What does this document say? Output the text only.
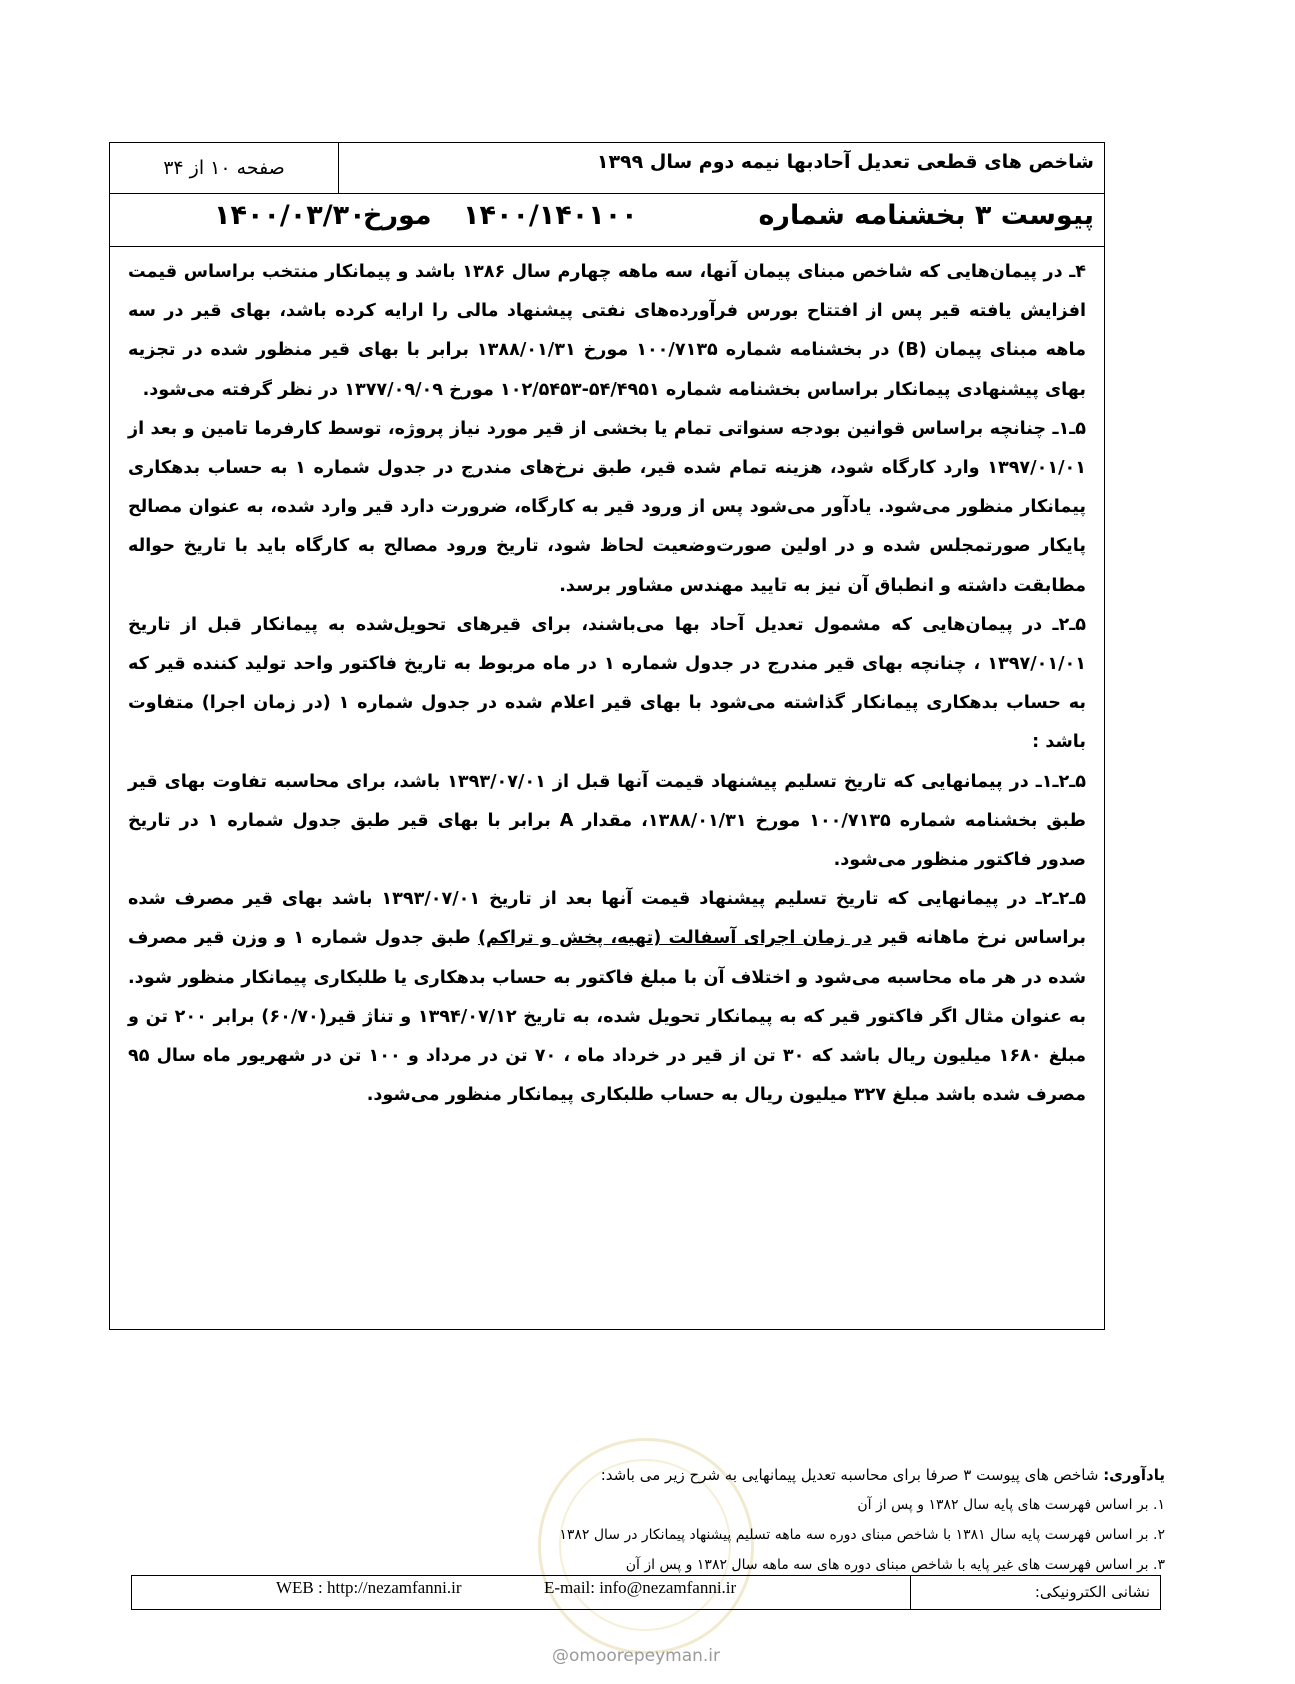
شاخص های قطعی تعدیل آحادبها نیمه دوم سال ۱۳۹۹
صفحه ۱۰ از ۳۴
پیوست ۳ بخشنامه شماره
۱۴۰۰/۱۴۰۱۰۰
مورخ
۱۴۰۰/۰۳/۳۰

۴ـ در پیمان‌هایی که شاخص مبنای پیمان آنها، سه ماهه چهارم سال ۱۳۸۶ باشد و پیمانکار منتخب براساس قیمت افزایش یافته قیر پس از افتتاح بورس فرآورده‌های نفتی پیشنهاد مالی را ارایه کرده باشد، بهای قیر در سه ماهه مبنای پیمان (B) در بخشنامه شماره ۱۰۰/۷۱۳۵ مورخ ۱۳۸۸/۰۱/۳۱ برابر با بهای قیر منظور شده در تجزیه بهای پیشنهادی پیمانکار براساس بخشنامه شماره ۵۴/۴۹۵۱-۱۰۲/۵۴۵۳ مورخ ۱۳۷۷/۰۹/۰۹ در نظر گرفته می‌شود.

۵ـ۱ـ چنانچه براساس قوانین بودجه سنواتی تمام یا بخشی از قیر مورد نیاز پروژه، توسط کارفرما تامین و بعد از ۱۳۹۷/۰۱/۰۱ وارد کارگاه شود، هزینه تمام شده قیر، طبق نرخ‌های مندرج در جدول شماره ۱ به حساب بدهکاری پیمانکار منظور می‌شود. یادآور می‌شود پس از ورود قیر به کارگاه، ضرورت دارد قیر وارد شده، به عنوان مصالح پایکار صورتمجلس شده و در اولین صورت‌وضعیت لحاظ شود، تاریخ ورود مصالح به کارگاه باید با تاریخ حواله مطابقت داشته و انطباق آن نیز به تایید مهندس مشاور برسد.

۵ـ۲ـ در پیمان‌هایی که مشمول تعدیل آحاد بها می‌باشند، برای قیرهای تحویل‌شده به پیمانکار قبل از تاریخ ۱۳۹۷/۰۱/۰۱ ، چنانچه بهای قیر مندرج در جدول شماره ۱ در ماه مربوط به تاریخ فاکتور واحد تولید کننده قیر که به حساب بدهکاری پیمانکار گذاشته می‌شود با بهای قیر اعلام شده در جدول شماره ۱ (در زمان اجرا) متفاوت باشد :

۵ـ۲ـ۱ـ در پیمانهایی که تاریخ تسلیم پیشنهاد قیمت آنها قبل از ۱۳۹۳/۰۷/۰۱ باشد، برای محاسبه تفاوت بهای قیر طبق بخشنامه شماره ۱۰۰/۷۱۳۵ مورخ ۱۳۸۸/۰۱/۳۱، مقدار A برابر با بهای قیر طبق جدول شماره ۱ در تاریخ صدور فاکتور منظور می‌شود.

۵ـ۲ـ۲ـ در پیمانهایی که تاریخ تسلیم پیشنهاد قیمت آنها بعد از تاریخ ۱۳۹۳/۰۷/۰۱ باشد بهای قیر مصرف شده براساس نرخ ماهانه قیر در زمان اجرای آسفالت (تهیه، پخش و تراکم) طبق جدول شماره ۱ و وزن قیر مصرف شده در هر ماه محاسبه می‌شود و اختلاف آن با مبلغ فاکتور به حساب بدهکاری یا طلبکاری پیمانکار منظور شود. به عنوان مثال اگر فاکتور قیر که به پیمانکار تحویل شده، به تاریخ ۱۳۹۴/۰۷/۱۲ و تناژ قیر(۶۰/۷۰) برابر ۲۰۰ تن و مبلغ ۱۶۸۰ میلیون ریال باشد که ۳۰ تن از قیر در خرداد ماه ، ۷۰ تن در مرداد و ۱۰۰ تن در شهریور ماه سال ۹۵ مصرف شده باشد مبلغ ۳۲۷ میلیون ریال به حساب طلبکاری پیمانکار منظور می‌شود.

یادآوری: شاخص های پیوست ۳ صرفا برای محاسبه تعدیل پیمانهایی به شرح زیر می باشد:
۱. بر اساس فهرست های پایه سال ۱۳۸۲ و پس از آن
۲. بر اساس فهرست پایه سال ۱۳۸۱ با شاخص مبنای دوره سه ماهه تسلیم پیشنهاد پیمانکار در سال ۱۳۸۲
۳. بر اساس فهرست های غیر پایه با شاخص مبنای دوره های سه ماهه سال ۱۳۸۲ و پس از آن
نشانی الکترونیکی:
E-mail: info@nezamfanni.ir
WEB : http://nezamfanni.ir
@omoorepeyman.ir
